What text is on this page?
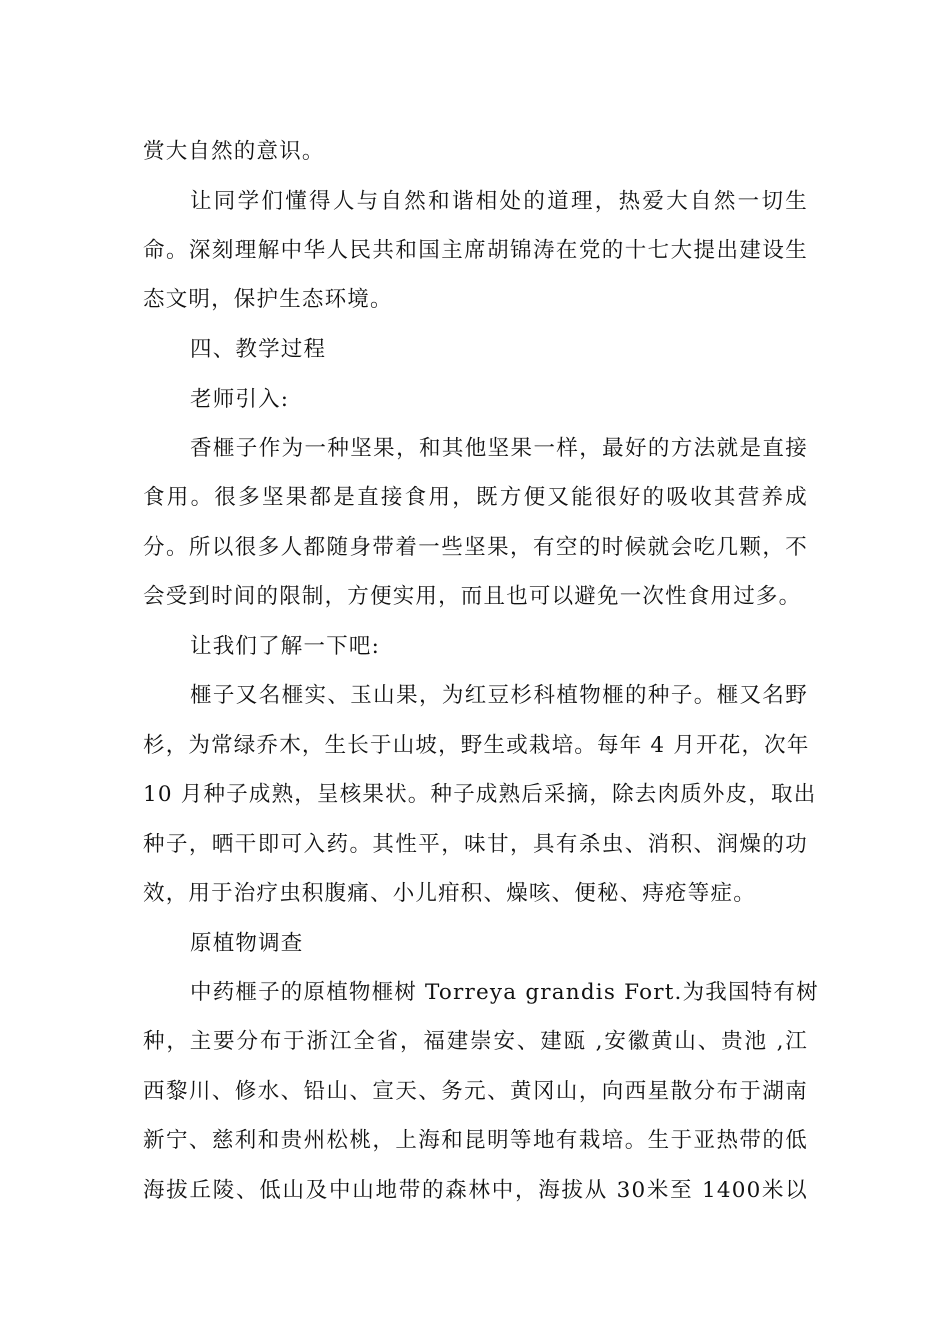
赏大自然的意识。
让同学们懂得人与自然和谐相处的道理，热爱大自然一切生
命。深刻理解中华人民共和国主席胡锦涛在党的十七大提出建设生
态文明，保护生态环境。
四、教学过程
老师引入:
香榧子作为一种坚果，和其他坚果一样，最好的方法就是直接
食用。很多坚果都是直接食用，既方便又能很好的吸收其营养成
分。所以很多人都随身带着一些坚果，有空的时候就会吃几颗，不
会受到时间的限制，方便实用，而且也可以避免一次性食用过多。
让我们了解一下吧:
榧子又名榧实、玉山果，为红豆杉科植物榧的种子。榧又名野
杉，为常绿乔木，生长于山坡，野生或栽培。每年 4 月开花，次年
10 月种子成熟，呈核果状。种子成熟后采摘，除去肉质外皮，取出
种子，晒干即可入药。其性平，味甘，具有杀虫、消积、润燥的功
效，用于治疗虫积腹痛、小儿疳积、燥咳、便秘、痔疮等症。
原植物调查
中药榧子的原植物榧树 Torreya grandis Fort.为我国特有树
种，主要分布于浙江全省，福建崇安、建瓯 ,安徽黄山、贵池 ,江
西黎川、修水、铅山、宣天、务元、黄冈山，向西星散分布于湖南
新宁、慈利和贵州松桃，上海和昆明等地有栽培。生于亚热带的低
海拔丘陵、低山及中山地带的森林中，海拔从 30米至 1400米以
